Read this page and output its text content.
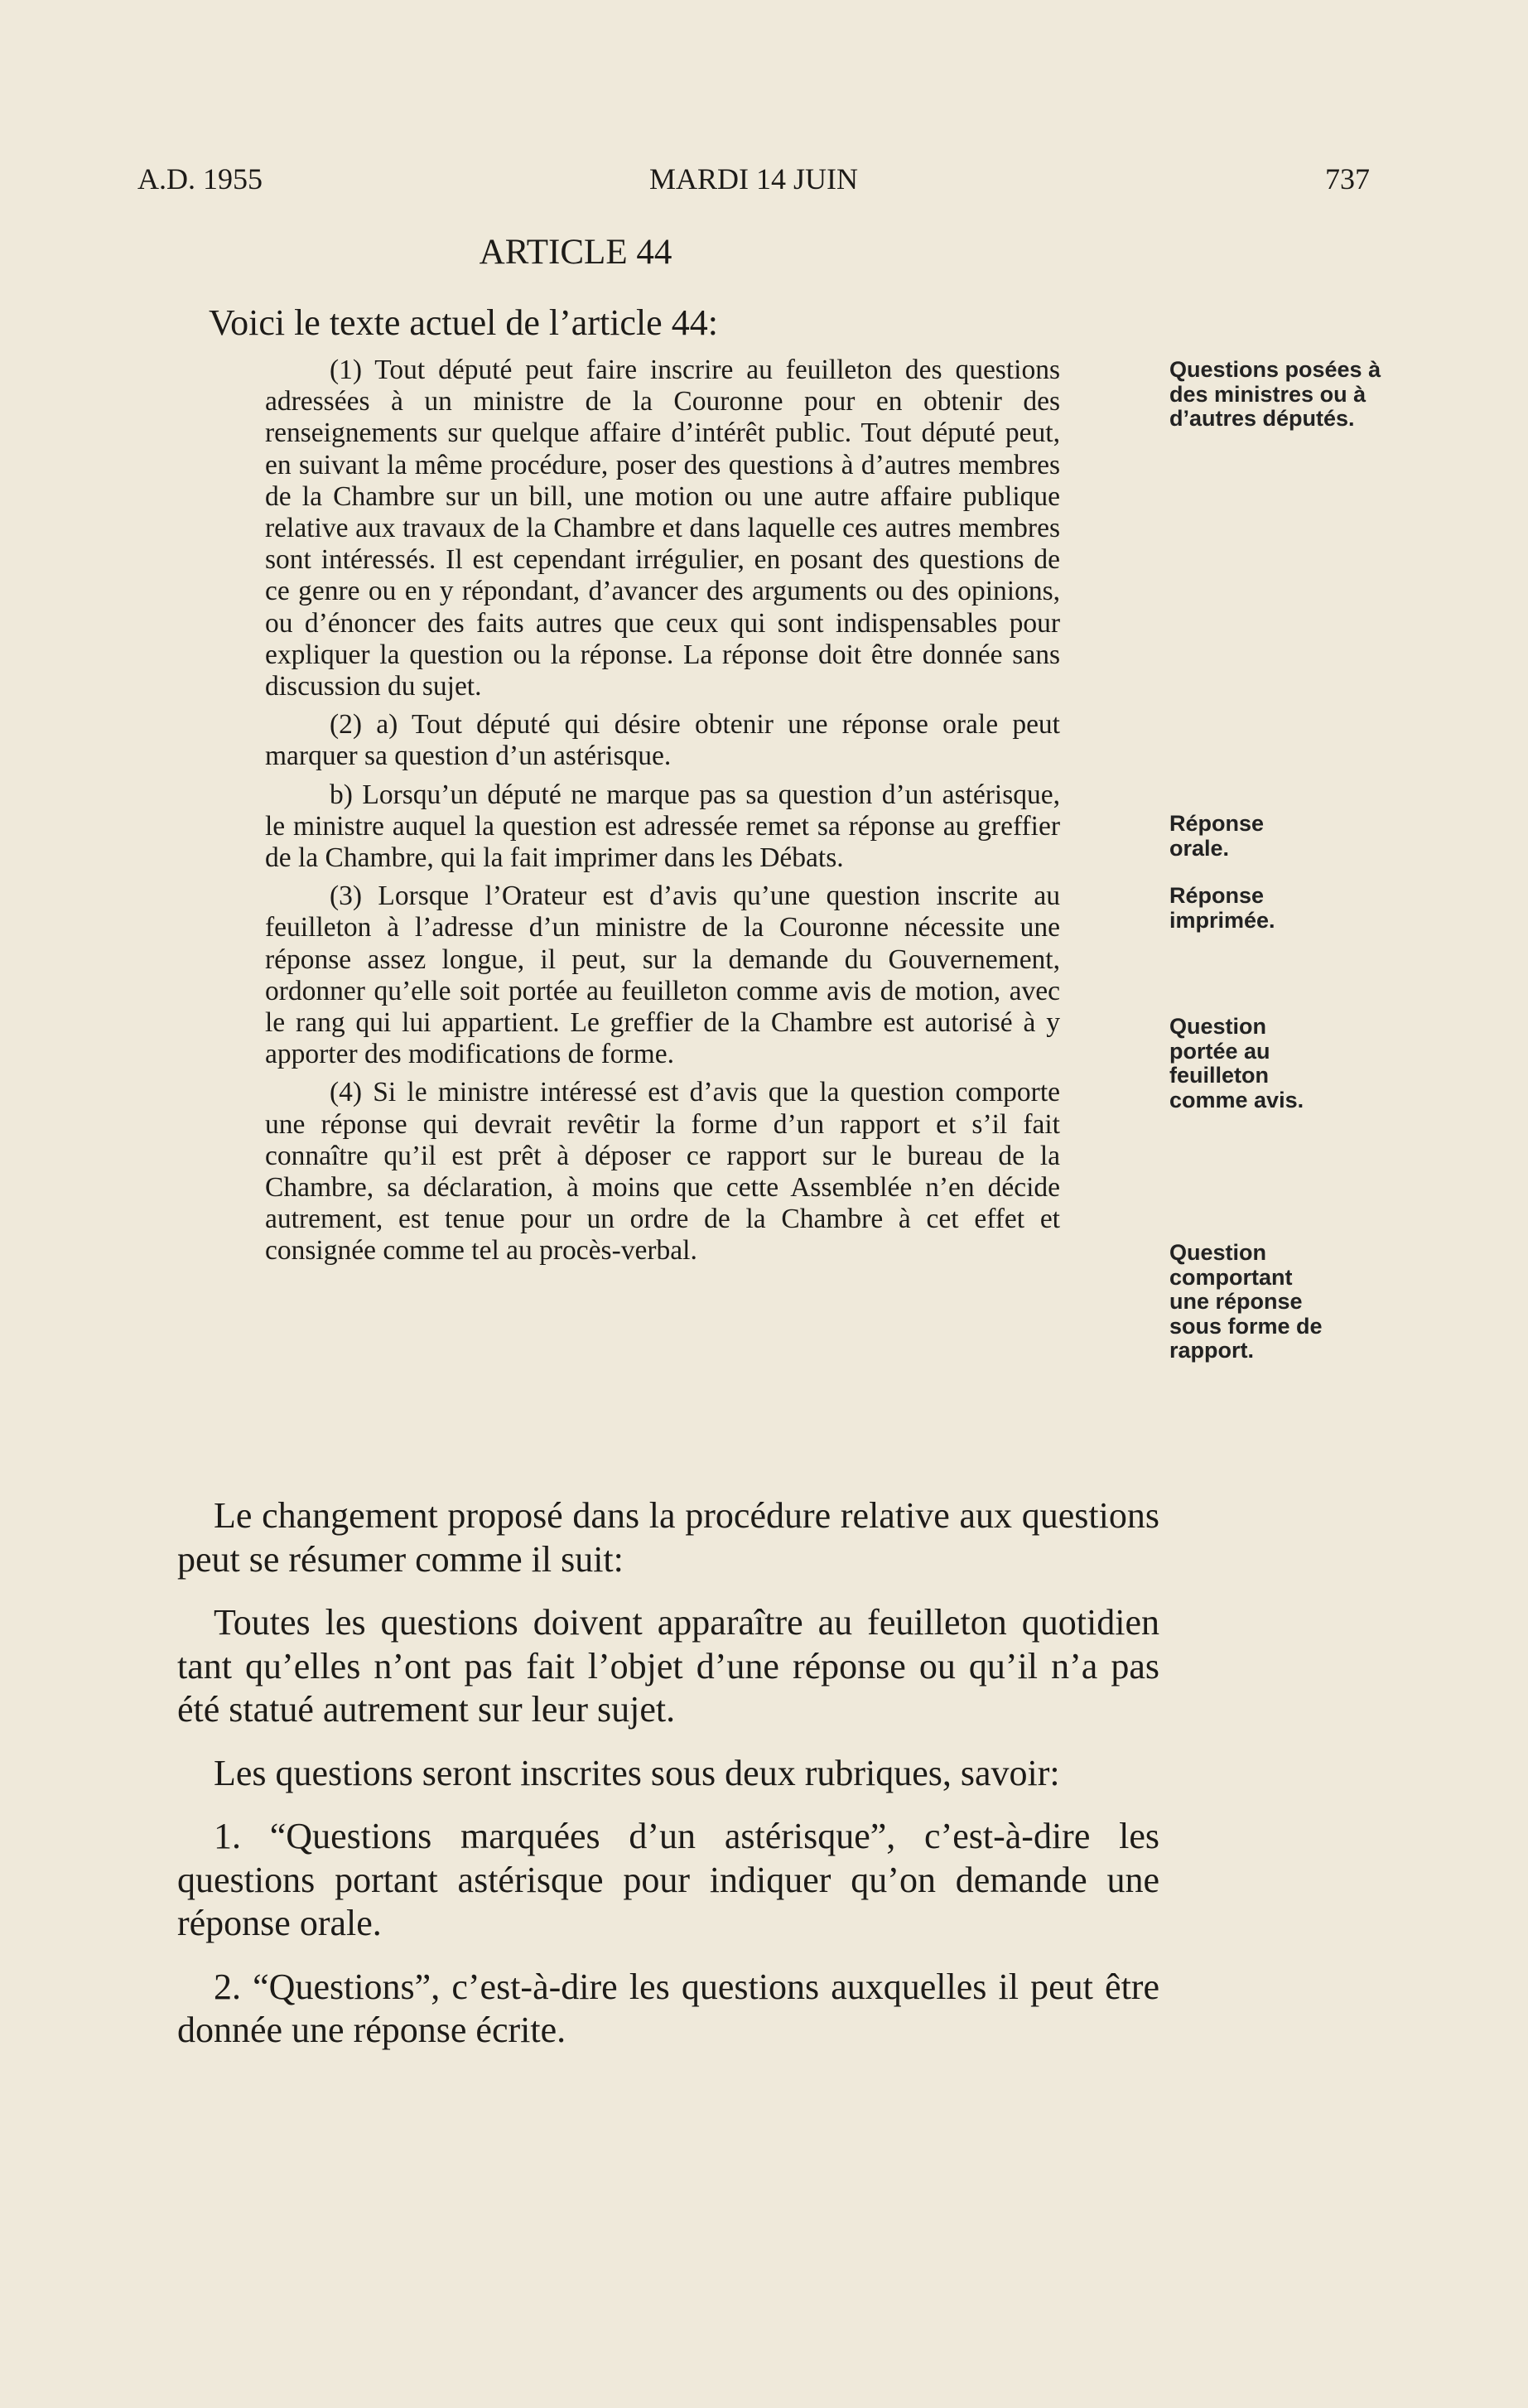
A.D. 1955	MARDI 14 JUIN	737
ARTICLE 44
Voici le texte actuel de l’article 44:

(1) Tout député peut faire inscrire au feuilleton des questions adressées à un ministre de la Couronne pour en obtenir des renseignements sur quelque affaire d’intérêt public. Tout député peut, en suivant la même procédure, poser des questions à d’autres membres de la Chambre sur un bill, une motion ou une autre affaire publique relative aux travaux de la Chambre et dans laquelle ces autres membres sont intéressés. Il est cependant irrégulier, en posant des questions de ce genre ou en y répondant, d’avancer des arguments ou des opinions, ou d’énoncer des faits autres que ceux qui sont indispensables pour expliquer la question ou la réponse. La réponse doit être donnée sans discussion du sujet.

(2) a) Tout député qui désire obtenir une réponse orale peut marquer sa question d’un astérisque.

b) Lorsqu’un député ne marque pas sa question d’un astérisque, le ministre auquel la question est adressée remet sa réponse au greffier de la Chambre, qui la fait imprimer dans les Débats.

(3) Lorsque l’Orateur est d’avis qu’une question inscrite au feuilleton à l’adresse d’un ministre de la Couronne nécessite une réponse assez longue, il peut, sur la demande du Gouvernement, ordonner qu’elle soit portée au feuilleton comme avis de motion, avec le rang qui lui appartient. Le greffier de la Chambre est autorisé à y apporter des modifications de forme.

(4) Si le ministre intéressé est d’avis que la question comporte une réponse qui devrait revêtir la forme d’un rapport et s’il fait connaître qu’il est prêt à déposer ce rapport sur le bureau de la Chambre, sa déclaration, à moins que cette Assemblée n’en décide autrement, est tenue pour un ordre de la Chambre à cet effet et consignée comme tel au procès-verbal.

Questions posées à des ministres ou à d’autres députés.
Réponse orale.
Réponse imprimée.
Question portée au feuilleton comme avis.
Question comportant une réponse sous forme de rapport.

Le changement proposé dans la procédure relative aux questions peut se résumer comme il suit:

Toutes les questions doivent apparaître au feuilleton quotidien tant qu’elles n’ont pas fait l’objet d’une réponse ou qu’il n’a pas été statué autrement sur leur sujet.

Les questions seront inscrites sous deux rubriques, savoir:

1. “Questions marquées d’un astérisque”, c’est-à-dire les questions portant astérisque pour indiquer qu’on demande une réponse orale.

2. “Questions”, c’est-à-dire les questions auxquelles il peut être donnée une réponse écrite.
